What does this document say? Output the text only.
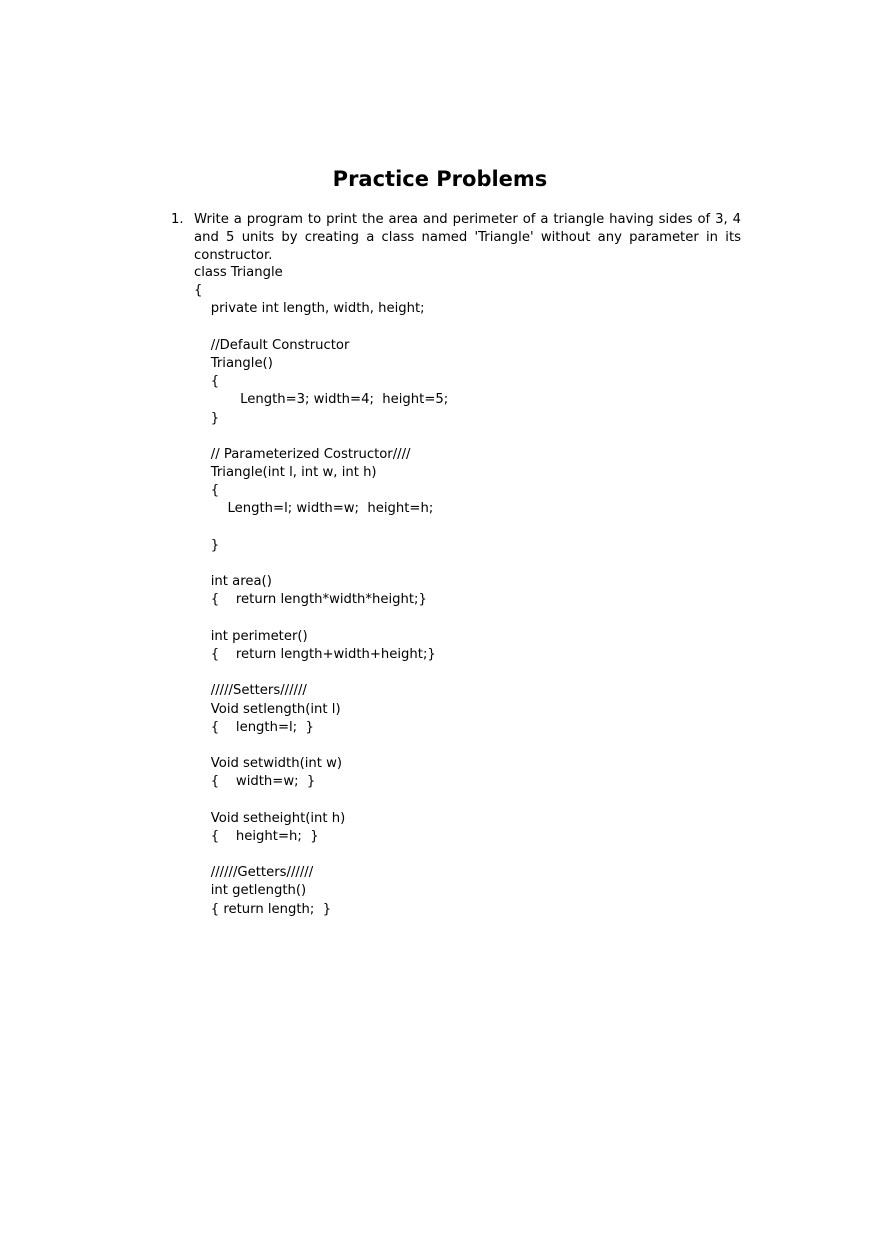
Practice Problems
1. Write a program to print the area and perimeter of a triangle having sides of 3, 4 and 5 units by creating a class named 'Triangle' without any parameter in its constructor.
class Triangle
{
private int length, width, height;
//Default Constructor
Triangle()
{
Length=3; width=4;  height=5;
}
// Parameterized Costructor////
Triangle(int l, int w, int h)
{
Length=l; width=w;  height=h;
}
int area()
{    return length*width*height;}
int perimeter()
{    return length+width+height;}
/////Setters//////
Void setlength(int l)
{    length=l;  }
Void setwidth(int w)
{    width=w;  }
Void setheight(int h)
{    height=h;  }
//////Getters//////
int getlength()
{ return length;  }
